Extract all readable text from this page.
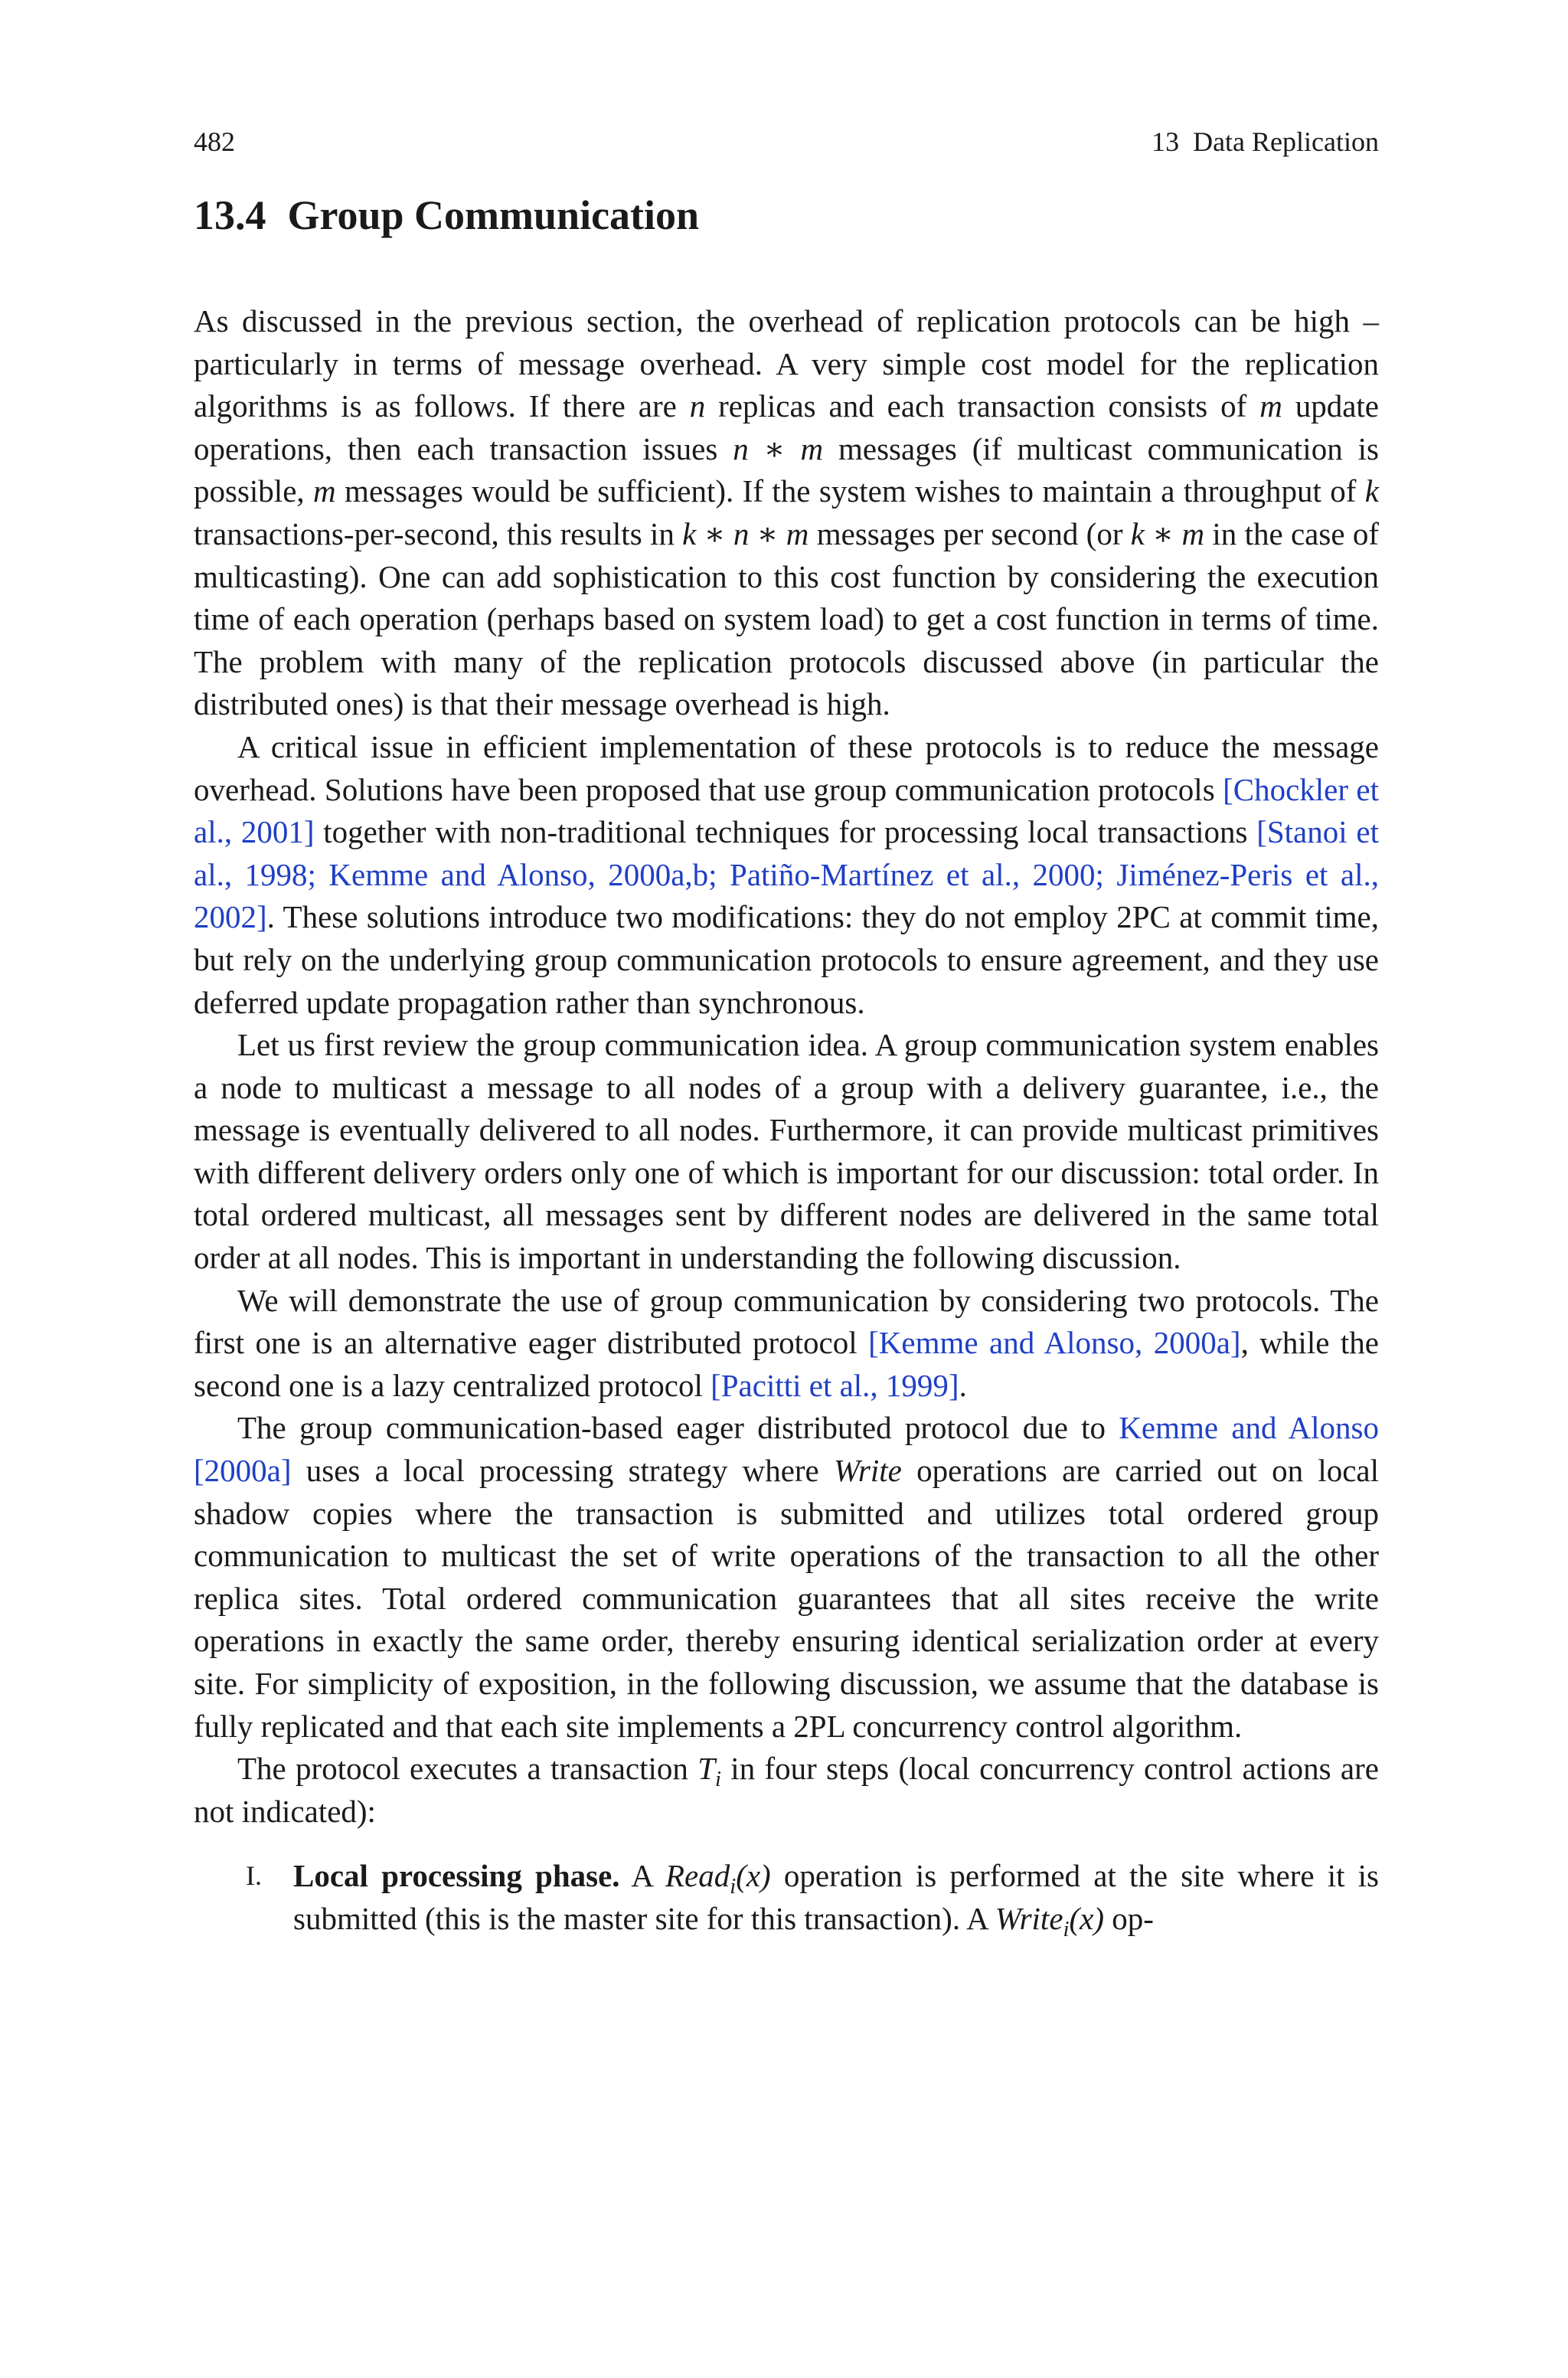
482	13  Data Replication
13.4 Group Communication

As discussed in the previous section, the overhead of replication protocols can be high – particularly in terms of message overhead. A very simple cost model for the replication algorithms is as follows. If there are n replicas and each transaction consists of m update operations, then each transaction issues n ∗ m messages (if multicast communication is possible, m messages would be sufficient). If the system wishes to maintain a throughput of k transactions-per-second, this results in k ∗ n ∗ m messages per second (or k ∗ m in the case of multicasting). One can add sophistication to this cost function by considering the execution time of each operation (perhaps based on system load) to get a cost function in terms of time. The problem with many of the replication protocols discussed above (in particular the distributed ones) is that their message overhead is high.

A critical issue in efficient implementation of these protocols is to reduce the message overhead. Solutions have been proposed that use group communication protocols [Chockler et al., 2001] together with non-traditional techniques for processing local transactions [Stanoi et al., 1998; Kemme and Alonso, 2000a,b; Patiño-Martínez et al., 2000; Jiménez-Peris et al., 2002]. These solutions introduce two modifications: they do not employ 2PC at commit time, but rely on the underlying group communication protocols to ensure agreement, and they use deferred update propagation rather than synchronous.

Let us first review the group communication idea. A group communication system enables a node to multicast a message to all nodes of a group with a delivery guarantee, i.e., the message is eventually delivered to all nodes. Furthermore, it can provide multicast primitives with different delivery orders only one of which is important for our discussion: total order. In total ordered multicast, all messages sent by different nodes are delivered in the same total order at all nodes. This is important in understanding the following discussion.

We will demonstrate the use of group communication by considering two protocols. The first one is an alternative eager distributed protocol [Kemme and Alonso, 2000a], while the second one is a lazy centralized protocol [Pacitti et al., 1999].

The group communication-based eager distributed protocol due to Kemme and Alonso [2000a] uses a local processing strategy where Write operations are carried out on local shadow copies where the transaction is submitted and utilizes total ordered group communication to multicast the set of write operations of the transaction to all the other replica sites. Total ordered communication guarantees that all sites receive the write operations in exactly the same order, thereby ensuring identical serialization order at every site. For simplicity of exposition, in the following discussion, we assume that the database is fully replicated and that each site implements a 2PL concurrency control algorithm.

The protocol executes a transaction $T_i$ in four steps (local concurrency control actions are not indicated):

I. Local processing phase. A Read$_i$(x) operation is performed at the site where it is submitted (this is the master site for this transaction). A Write$_i$(x) op-
